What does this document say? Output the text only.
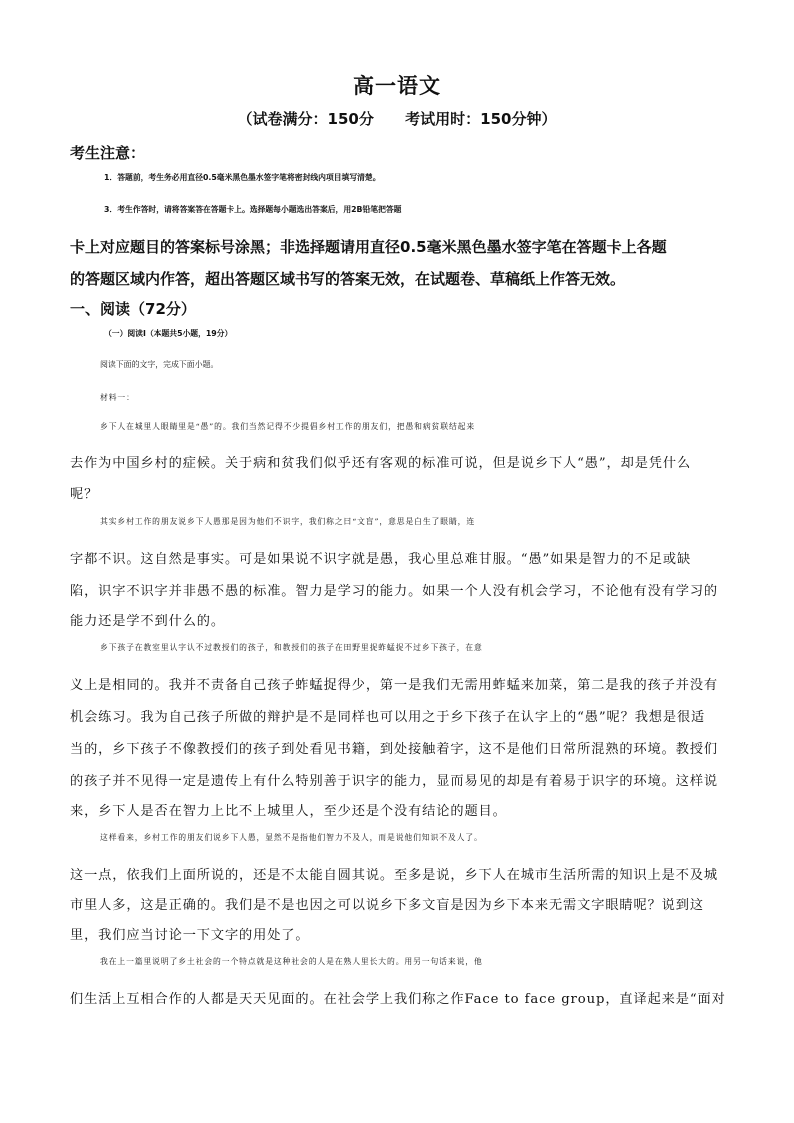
高一语文
（试卷满分：150分      考试用时：150分钟）
考生注意：
1．答题前，考生务必用直径0.5毫米黑色墨水签字笔将密封线内项目填写清楚。
3．考生作答时，请将答案答在答题卡上。选择题每小题选出答案后，用2B铅笔把答题
卡上对应题目的答案标号涂黑；非选择题请用直径0.5毫米黑色墨水签字笔在答题卡上各题
的答题区域内作答，超出答题区域书写的答案无效，在试题卷、草稿纸上作答无效。
一、阅读（72分）
（一）阅读Ⅰ（本题共5小题，19分）
阅读下面的文字，完成下面小题。
材料一：
乡下人在城里人眼睛里是“愚”的。我们当然记得不少提倡乡村工作的朋友们，把愚和病贫联结起来
去作为中国乡村的症候。关于病和贫我们似乎还有客观的标准可说，但是说乡下人“愚”，却是凭什么
呢？
其实乡村工作的朋友说乡下人愚那是因为他们不识字，我们称之曰“文盲”，意思是白生了眼睛，连
字都不识。这自然是事实。可是如果说不识字就是愚，我心里总难甘服。“愚”如果是智力的不足或缺
陷，识字不识字并非愚不愚的标准。智力是学习的能力。如果一个人没有机会学习，不论他有没有学习的
能力还是学不到什么的。
乡下孩子在教室里认字认不过教授们的孩子，和教授们的孩子在田野里捉蚱蜢捉不过乡下孩子，在意
义上是相同的。我并不责备自己孩子蚱蜢捉得少，第一是我们无需用蚱蜢来加菜，第二是我的孩子并没有
机会练习。我为自己孩子所做的辩护是不是同样也可以用之于乡下孩子在认字上的“愚”呢？我想是很适
当的，乡下孩子不像教授们的孩子到处看见书籍，到处接触着字，这不是他们日常所混熟的环境。教授们
的孩子并不见得一定是遗传上有什么特别善于识字的能力，显而易见的却是有着易于识字的环境。这样说
来，乡下人是否在智力上比不上城里人，至少还是个没有结论的题目。
这样看来，乡村工作的朋友们说乡下人愚，显然不是指他们智力不及人，而是说他们知识不及人了。
这一点，依我们上面所说的，还是不太能自圆其说。至多是说，乡下人在城市生活所需的知识上是不及城
市里人多，这是正确的。我们是不是也因之可以说乡下多文盲是因为乡下本来无需文字眼睛呢？说到这
里，我们应当讨论一下文字的用处了。
我在上一篇里说明了乡土社会的一个特点就是这种社会的人是在熟人里长大的。用另一句话来说，他
们生活上互相合作的人都是天天见面的。在社会学上我们称之作Face to face group，直译起来是“面对
